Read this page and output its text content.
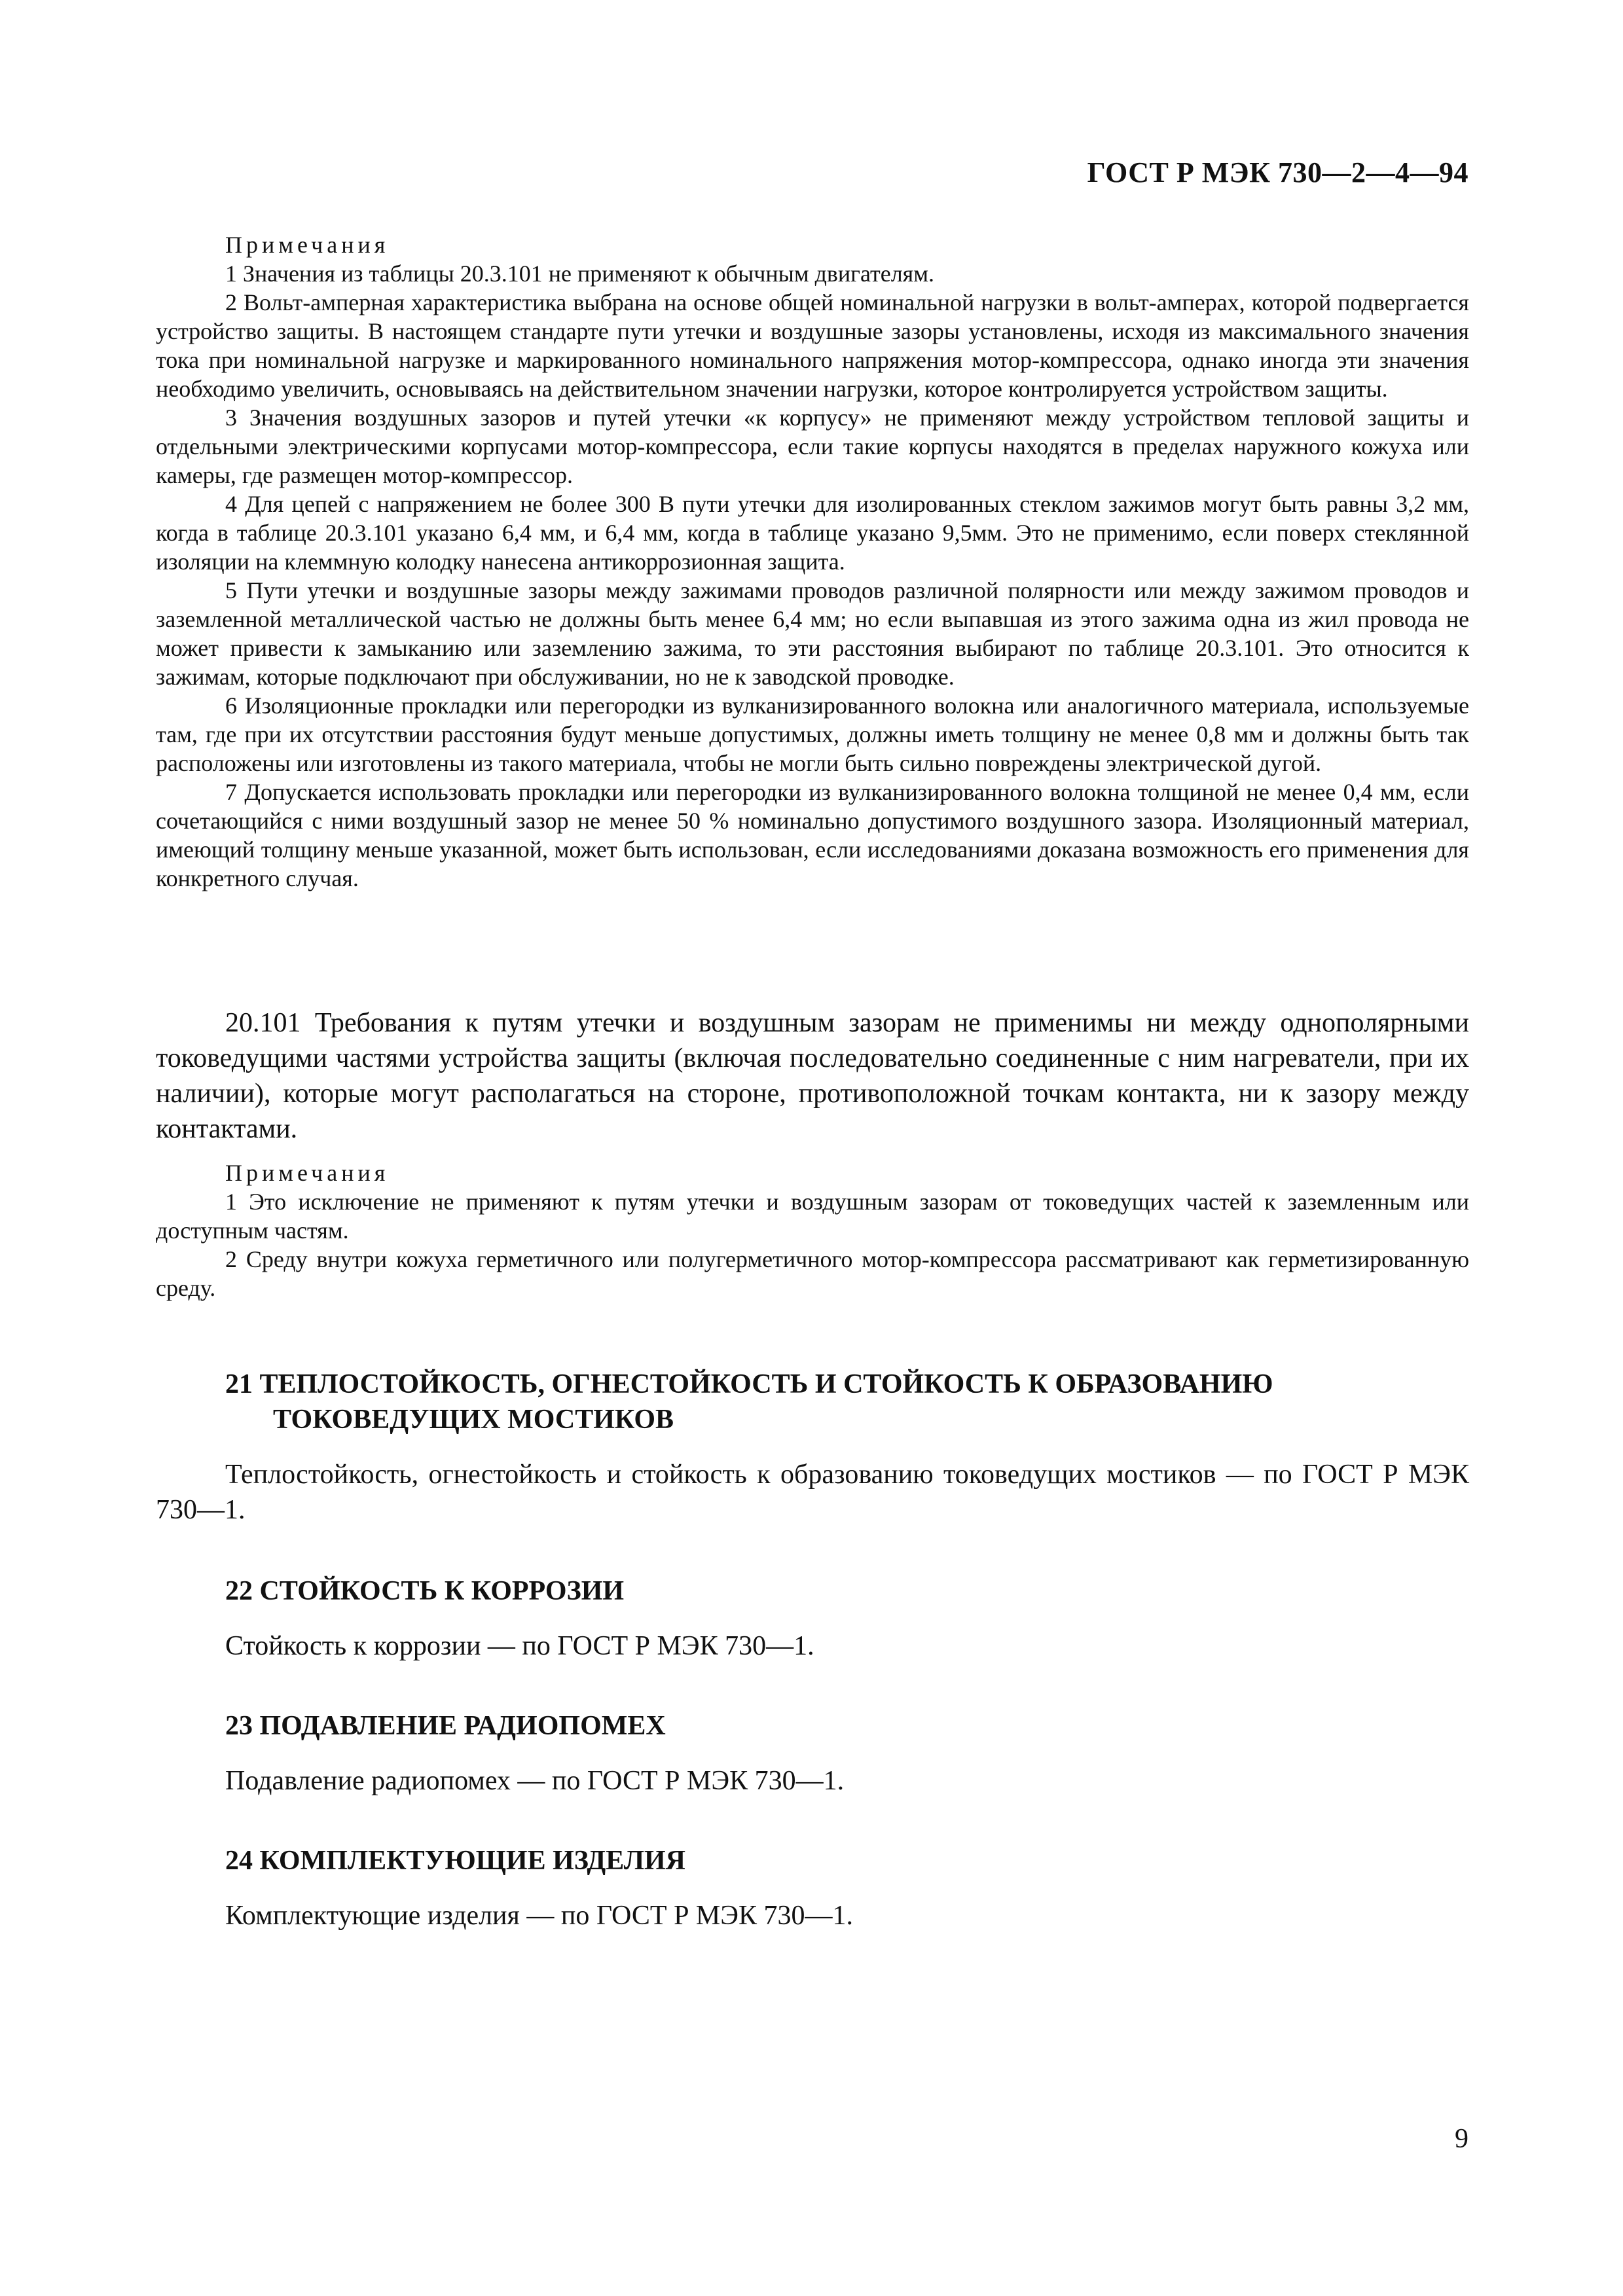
ГОСТ Р МЭК 730—2—4—94
Примечания

1 Значения из таблицы 20.3.101 не применяют к обычным двигателям.

2 Вольт-амперная характеристика выбрана на основе общей номинальной нагрузки в вольт-амперах, которой подвергается устройство защиты. В настоящем стандарте пути утечки и воздушные зазоры установлены, исходя из максимального значения тока при номинальной нагрузке и маркированного номинального напряжения мотор-компрессора, однако иногда эти значения необходимо увеличить, основываясь на действительном значении нагрузки, которое контролируется устройством защиты.

3 Значения воздушных зазоров и путей утечки «к корпусу» не применяют между устройством тепловой защиты и отдельными электрическими корпусами мотор-компрессора, если такие корпусы находятся в пределах наружного кожуха или камеры, где размещен мотор-компрессор.

4 Для цепей с напряжением не более 300 В пути утечки для изолированных стеклом зажимов могут быть равны 3,2 мм, когда в таблице 20.3.101 указано 6,4 мм, и 6,4 мм, когда в таблице указано 9,5мм. Это не применимо, если поверх стеклянной изоляции на клеммную колодку нанесена антикоррозионная защита.

5 Пути утечки и воздушные зазоры между зажимами проводов различной полярности или между зажимом проводов и заземленной металлической частью не должны быть менее 6,4 мм; но если выпавшая из этого зажима одна из жил провода не может привести к замыканию или заземлению зажима, то эти расстояния выбирают по таблице 20.3.101. Это относится к зажимам, которые подключают при обслуживании, но не к заводской проводке.

6 Изоляционные прокладки или перегородки из вулканизированного волокна или аналогичного материала, используемые там, где при их отсутствии расстояния будут меньше допустимых, должны иметь толщину не менее 0,8 мм и должны быть так расположены или изготовлены из такого материала, чтобы не могли быть сильно повреждены электрической дугой.

7 Допускается использовать прокладки или перегородки из вулканизированного волокна толщиной не менее 0,4 мм, если сочетающийся с ними воздушный зазор не менее 50 % номинально допустимого воздушного зазора. Изоляционный материал, имеющий толщину меньше указанной, может быть использован, если исследованиями доказана возможность его применения для конкретного случая.

20.101 Требования к путям утечки и воздушным зазорам не применимы ни между однополярными токоведущими частями устройства защиты (включая последовательно соединенные с ним нагреватели, при их наличии), которые могут располагаться на стороне, противоположной точкам контакта, ни к зазору между контактами.

Примечания

1 Это исключение не применяют к путям утечки и воздушным зазорам от токоведущих частей к заземленным или доступным частям.

2 Среду внутри кожуха герметичного или полугерметичного мотор-компрессора рассматривают как герметизированную среду.

21 ТЕПЛОСТОЙКОСТЬ, ОГНЕСТОЙКОСТЬ И СТОЙКОСТЬ К ОБРАЗОВАНИЮ
ТОКОВЕДУЩИХ МОСТИКОВ

Теплостойкость, огнестойкость и стойкость к образованию токоведущих мостиков — по ГОСТ Р МЭК 730—1.

22 СТОЙКОСТЬ К КОРРОЗИИ

Стойкость к коррозии — по ГОСТ Р МЭК 730—1.

23 ПОДАВЛЕНИЕ РАДИОПОМЕХ

Подавление радиопомех — по ГОСТ Р МЭК 730—1.

24 КОМПЛЕКТУЮЩИЕ ИЗДЕЛИЯ

Комплектующие изделия — по ГОСТ Р МЭК 730—1.

9
